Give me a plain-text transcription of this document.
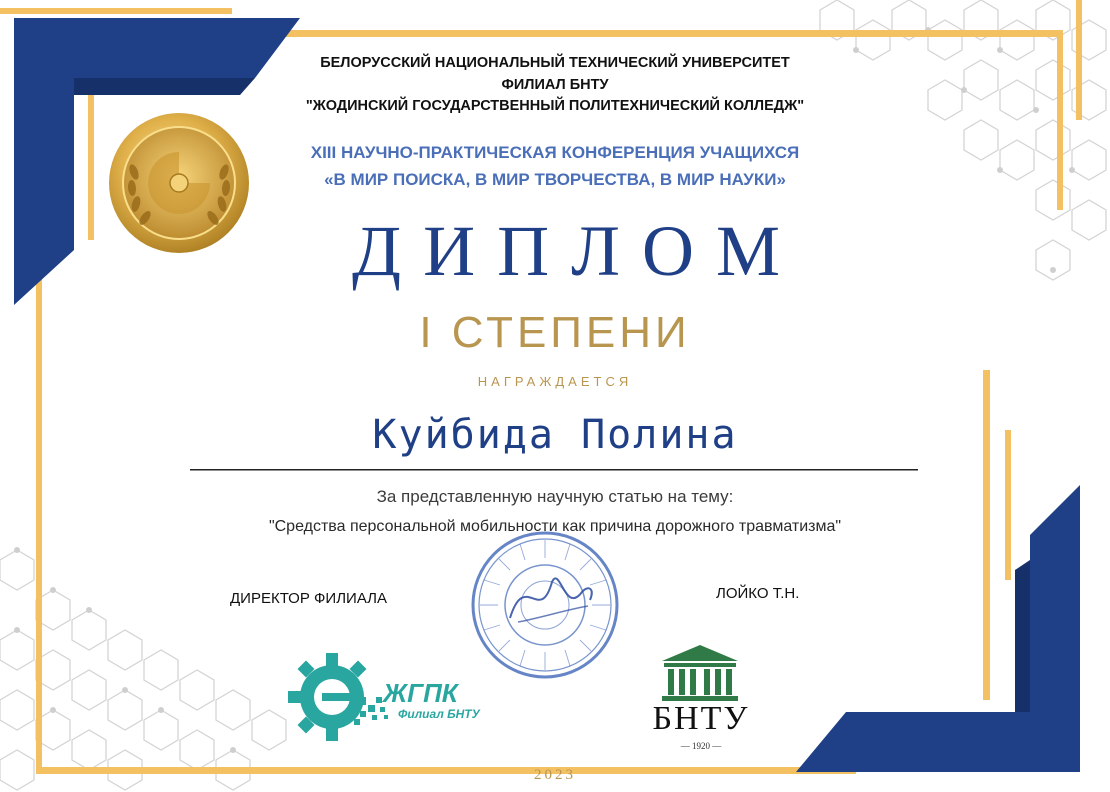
БЕЛОРУССКИЙ НАЦИОНАЛЬНЫЙ ТЕХНИЧЕСКИЙ УНИВЕРСИТЕТ
ФИЛИАЛ БНТУ
"ЖОДИНСКИЙ ГОСУДАРСТВЕННЫЙ ПОЛИТЕХНИЧЕСКИЙ КОЛЛЕДЖ"
XIII НАУЧНО-ПРАКТИЧЕСКАЯ КОНФЕРЕНЦИЯ УЧАЩИХСЯ
«В МИР ПОИСКА, В МИР ТВОРЧЕСТВА, В МИР НАУКИ»
ДИПЛОМ
I СТЕПЕНИ
НАГРАЖДАЕТСЯ
Куйбида Полина
За представленную научную статью на тему:
"Средства персональной мобильности как причина дорожного травматизма"
ДИРЕКТОР ФИЛИАЛА	ЛОЙКО Т.Н.
ЖГПК
Филиал БНТУ	БНТУ
— 1920 —
2023
